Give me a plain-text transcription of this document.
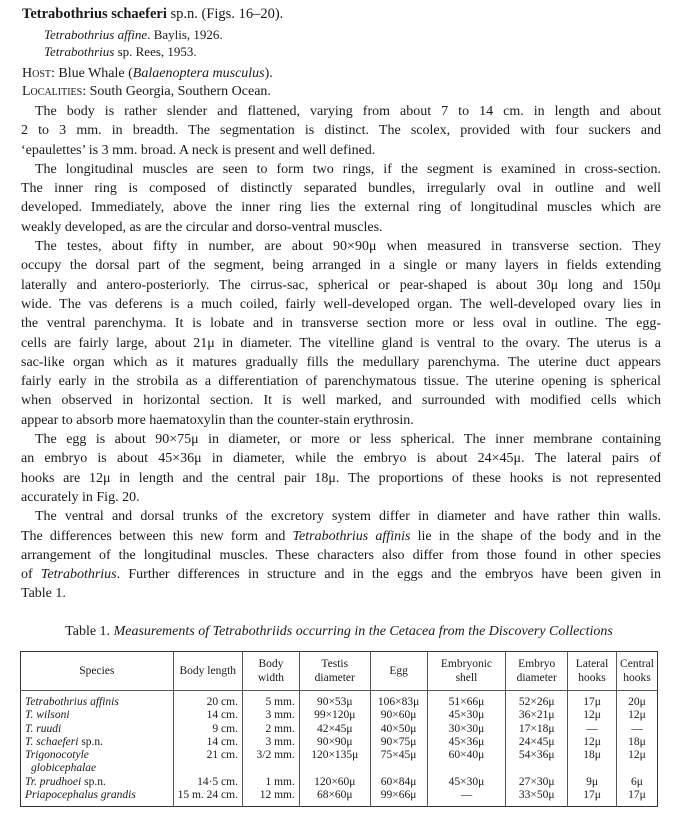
Tetrabothrius schaeferi sp.n. (Figs. 16–20).
Tetrabothrius affine. Baylis, 1926.
Tetrabothrius sp. Rees, 1953.
Host: Blue Whale (Balaenoptera musculus).
Localities: South Georgia, Southern Ocean.
The body is rather slender and flattened, varying from about 7 to 14 cm. in length and about
2 to 3 mm. in breadth. The segmentation is distinct. The scolex, provided with four suckers and
‘epaulettes’ is 3 mm. broad. A neck is present and well defined.
The longitudinal muscles are seen to form two rings, if the segment is examined in cross-section.
The inner ring is composed of distinctly separated bundles, irregularly oval in outline and well
developed. Immediately, above the inner ring lies the external ring of longitudinal muscles which are
weakly developed, as are the circular and dorso-ventral muscles.
The testes, about fifty in number, are about 90×90μ when measured in transverse section. They
occupy the dorsal part of the segment, being arranged in a single or many layers in fields extending
laterally and antero-posteriorly. The cirrus-sac, spherical or pear-shaped is about 30μ long and 150μ
wide. The vas deferens is a much coiled, fairly well-developed organ. The well-developed ovary lies in
the ventral parenchyma. It is lobate and in transverse section more or less oval in outline. The egg-
cells are fairly large, about 21μ in diameter. The vitelline gland is ventral to the ovary. The uterus is a
sac-like organ which as it matures gradually fills the medullary parenchyma. The uterine duct appears
fairly early in the strobila as a differentiation of parenchymatous tissue. The uterine opening is spherical
when observed in horizontal section. It is well marked, and surrounded with modified cells which
appear to absorb more haematoxylin than the counter-stain erythrosin.
The egg is about 90×75μ in diameter, or more or less spherical. The inner membrane containing
an embryo is about 45×36μ in diameter, while the embryo is about 24×45μ. The lateral pairs of
hooks are 12μ in length and the central pair 18μ. The proportions of these hooks is not represented
accurately in Fig. 20.
The ventral and dorsal trunks of the excretory system differ in diameter and have rather thin walls.
The differences between this new form and Tetrabothrius affinis lie in the shape of the body and in the
arrangement of the longitudinal muscles. These characters also differ from those found in other species
of Tetrabothrius. Further differences in structure and in the eggs and the embryos have been given in
Table 1.
Table 1. Measurements of Tetrabothriids occurring in the Cetacea from the Discovery Collections
Species	Body length	Body width	Testis diameter	Egg	Embryonic shell	Embryo diameter	Lateral hooks	Central hooks
Tetrabothrius affinis	20 cm.	5 mm.	90×53μ	106×83μ	51×66μ	52×26μ	17μ	20μ
T. wilsoni	14 cm.	3 mm.	99×120μ	90×60μ	45×30μ	36×21μ	12μ	12μ
T. ruudi	9 cm.	2 mm.	42×45μ	40×50μ	30×30μ	17×18μ	—	—
T. schaeferi sp.n.	14 cm.	3 mm.	90×90μ	90×75μ	45×36μ	24×45μ	12μ	18μ
Trigonocotyle	21 cm.	3/2 mm.	120×135μ	75×45μ	60×40μ	54×36μ	18μ	12μ
globicephalae								
Tr. prudhoei sp.n.	14·5 cm.	1 mm.	120×60μ	60×84μ	45×30μ	27×30μ	9μ	6μ
Priapocephalus grandis	15 m. 24 cm.	12 mm.	68×60μ	99×66μ	—	33×50μ	17μ	17μ
